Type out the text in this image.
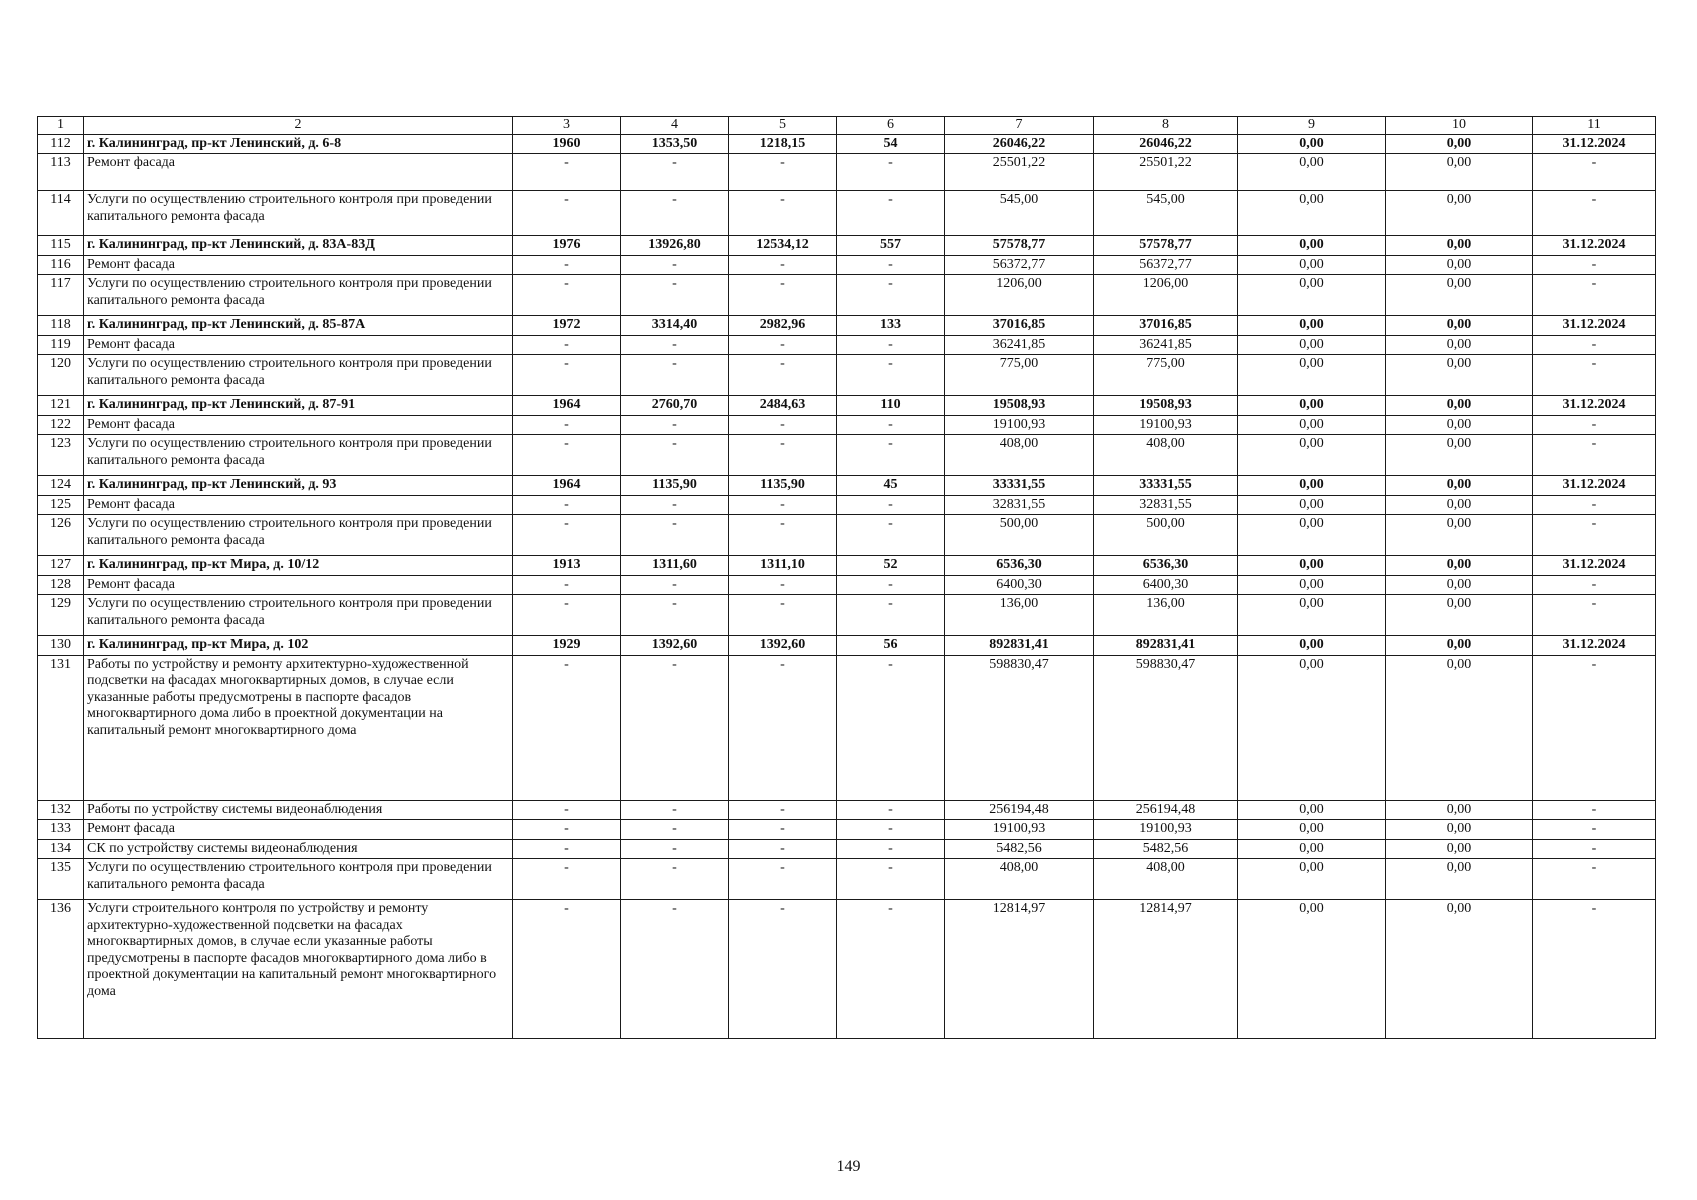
1	2	3	4	5	6	7	8	9	10	11
112	г. Калининград, пр-кт Ленинский, д. 6-8	1960	1353,50	1218,15	54	26046,22	26046,22	0,00	0,00	31.12.2024
113	Ремонт фасада	-	-	-	-	25501,22	25501,22	0,00	0,00	-
114	Услуги по осуществлению строительного контроля при проведении капитального ремонта фасада	-	-	-	-	545,00	545,00	0,00	0,00	-
115	г. Калининград, пр-кт Ленинский, д. 83А-83Д	1976	13926,80	12534,12	557	57578,77	57578,77	0,00	0,00	31.12.2024
116	Ремонт фасада	-	-	-	-	56372,77	56372,77	0,00	0,00	-
117	Услуги по осуществлению строительного контроля при проведении капитального ремонта фасада	-	-	-	-	1206,00	1206,00	0,00	0,00	-
118	г. Калининград, пр-кт Ленинский, д. 85-87А	1972	3314,40	2982,96	133	37016,85	37016,85	0,00	0,00	31.12.2024
119	Ремонт фасада	-	-	-	-	36241,85	36241,85	0,00	0,00	-
120	Услуги по осуществлению строительного контроля при проведении капитального ремонта фасада	-	-	-	-	775,00	775,00	0,00	0,00	-
121	г. Калининград, пр-кт Ленинский, д. 87-91	1964	2760,70	2484,63	110	19508,93	19508,93	0,00	0,00	31.12.2024
122	Ремонт фасада	-	-	-	-	19100,93	19100,93	0,00	0,00	-
123	Услуги по осуществлению строительного контроля при проведении капитального ремонта фасада	-	-	-	-	408,00	408,00	0,00	0,00	-
124	г. Калининград, пр-кт Ленинский, д. 93	1964	1135,90	1135,90	45	33331,55	33331,55	0,00	0,00	31.12.2024
125	Ремонт фасада	-	-	-	-	32831,55	32831,55	0,00	0,00	-
126	Услуги по осуществлению строительного контроля при проведении капитального ремонта фасада	-	-	-	-	500,00	500,00	0,00	0,00	-
127	г. Калининград, пр-кт Мира, д. 10/12	1913	1311,60	1311,10	52	6536,30	6536,30	0,00	0,00	31.12.2024
128	Ремонт фасада	-	-	-	-	6400,30	6400,30	0,00	0,00	-
129	Услуги по осуществлению строительного контроля при проведении капитального ремонта фасада	-	-	-	-	136,00	136,00	0,00	0,00	-
130	г. Калининград, пр-кт Мира, д. 102	1929	1392,60	1392,60	56	892831,41	892831,41	0,00	0,00	31.12.2024
131	Работы по устройству и ремонту архитектурно-художественной подсветки на фасадах многоквартирных домов, в случае если указанные работы предусмотрены в паспорте фасадов многоквартирного дома либо в проектной документации на капитальный ремонт многоквартирного дома	-	-	-	-	598830,47	598830,47	0,00	0,00	-
132	Работы по устройству системы видеонаблюдения	-	-	-	-	256194,48	256194,48	0,00	0,00	-
133	Ремонт фасада	-	-	-	-	19100,93	19100,93	0,00	0,00	-
134	СК по устройству системы видеонаблюдения	-	-	-	-	5482,56	5482,56	0,00	0,00	-
135	Услуги по осуществлению строительного контроля при проведении капитального ремонта фасада	-	-	-	-	408,00	408,00	0,00	0,00	-
136	Услуги строительного контроля по устройству и ремонту архитектурно-художественной подсветки на фасадах многоквартирных домов, в случае если указанные работы предусмотрены в паспорте фасадов многоквартирного дома либо в проектной документации на капитальный ремонт многоквартирного дома	-	-	-	-	12814,97	12814,97	0,00	0,00	-
149
